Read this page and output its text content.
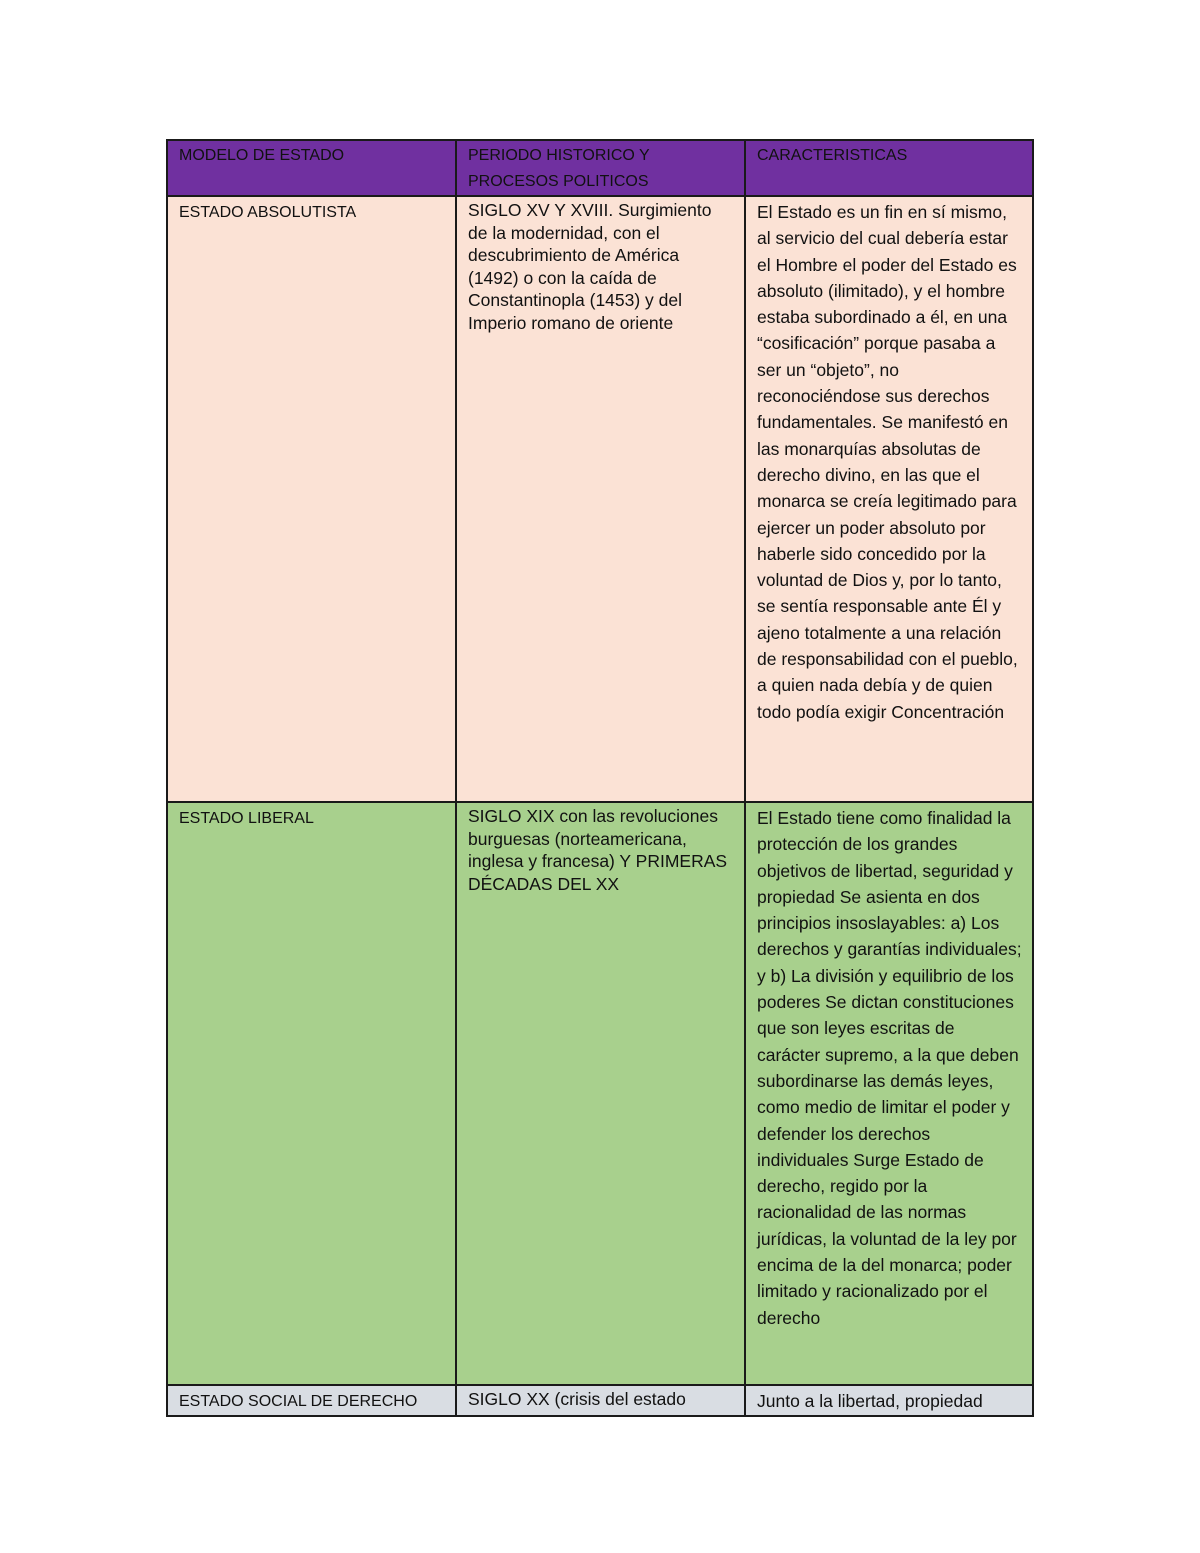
MODELO DE ESTADO	PERIODO HISTORICO Y PROCESOS POLITICOS	CARACTERISTICAS
ESTADO ABSOLUTISTA	SIGLO XV Y XVIII. Surgimiento de la modernidad, con el descubrimiento de América (1492) o con la caída de Constantinopla (1453) y del Imperio romano de oriente	El Estado es un fin en sí mismo, al servicio del cual debería estar el Hombre el poder del Estado es absoluto (ilimitado), y el hombre estaba subordinado a él, en una “cosificación” porque pasaba a ser un “objeto”, no reconociéndose sus derechos fundamentales. Se manifestó en las monarquías absolutas de derecho divino, en las que el monarca se creía legitimado para ejercer un poder absoluto por haberle sido concedido por la voluntad de Dios y, por lo tanto, se sentía responsable ante Él y ajeno totalmente a una relación de responsabilidad con el pueblo, a quien nada debía y de quien todo podía exigir Concentración
ESTADO LIBERAL	SIGLO XIX con las revoluciones burguesas (norteamericana, inglesa y francesa) Y PRIMERAS DÉCADAS DEL XX	El Estado tiene como finalidad la protección de los grandes objetivos de libertad, seguridad y propiedad Se asienta en dos principios insoslayables: a) Los derechos y garantías individuales; y b) La división y equilibrio de los poderes Se dictan constituciones que son leyes escritas de carácter supremo, a la que deben subordinarse las demás leyes, como medio de limitar el poder y defender los derechos individuales Surge Estado de derecho, regido por la racionalidad de las normas jurídicas, la voluntad de la ley por encima de la del monarca; poder limitado y racionalizado por el derecho
ESTADO SOCIAL DE DERECHO	SIGLO XX (crisis del estado	Junto a la libertad, propiedad
